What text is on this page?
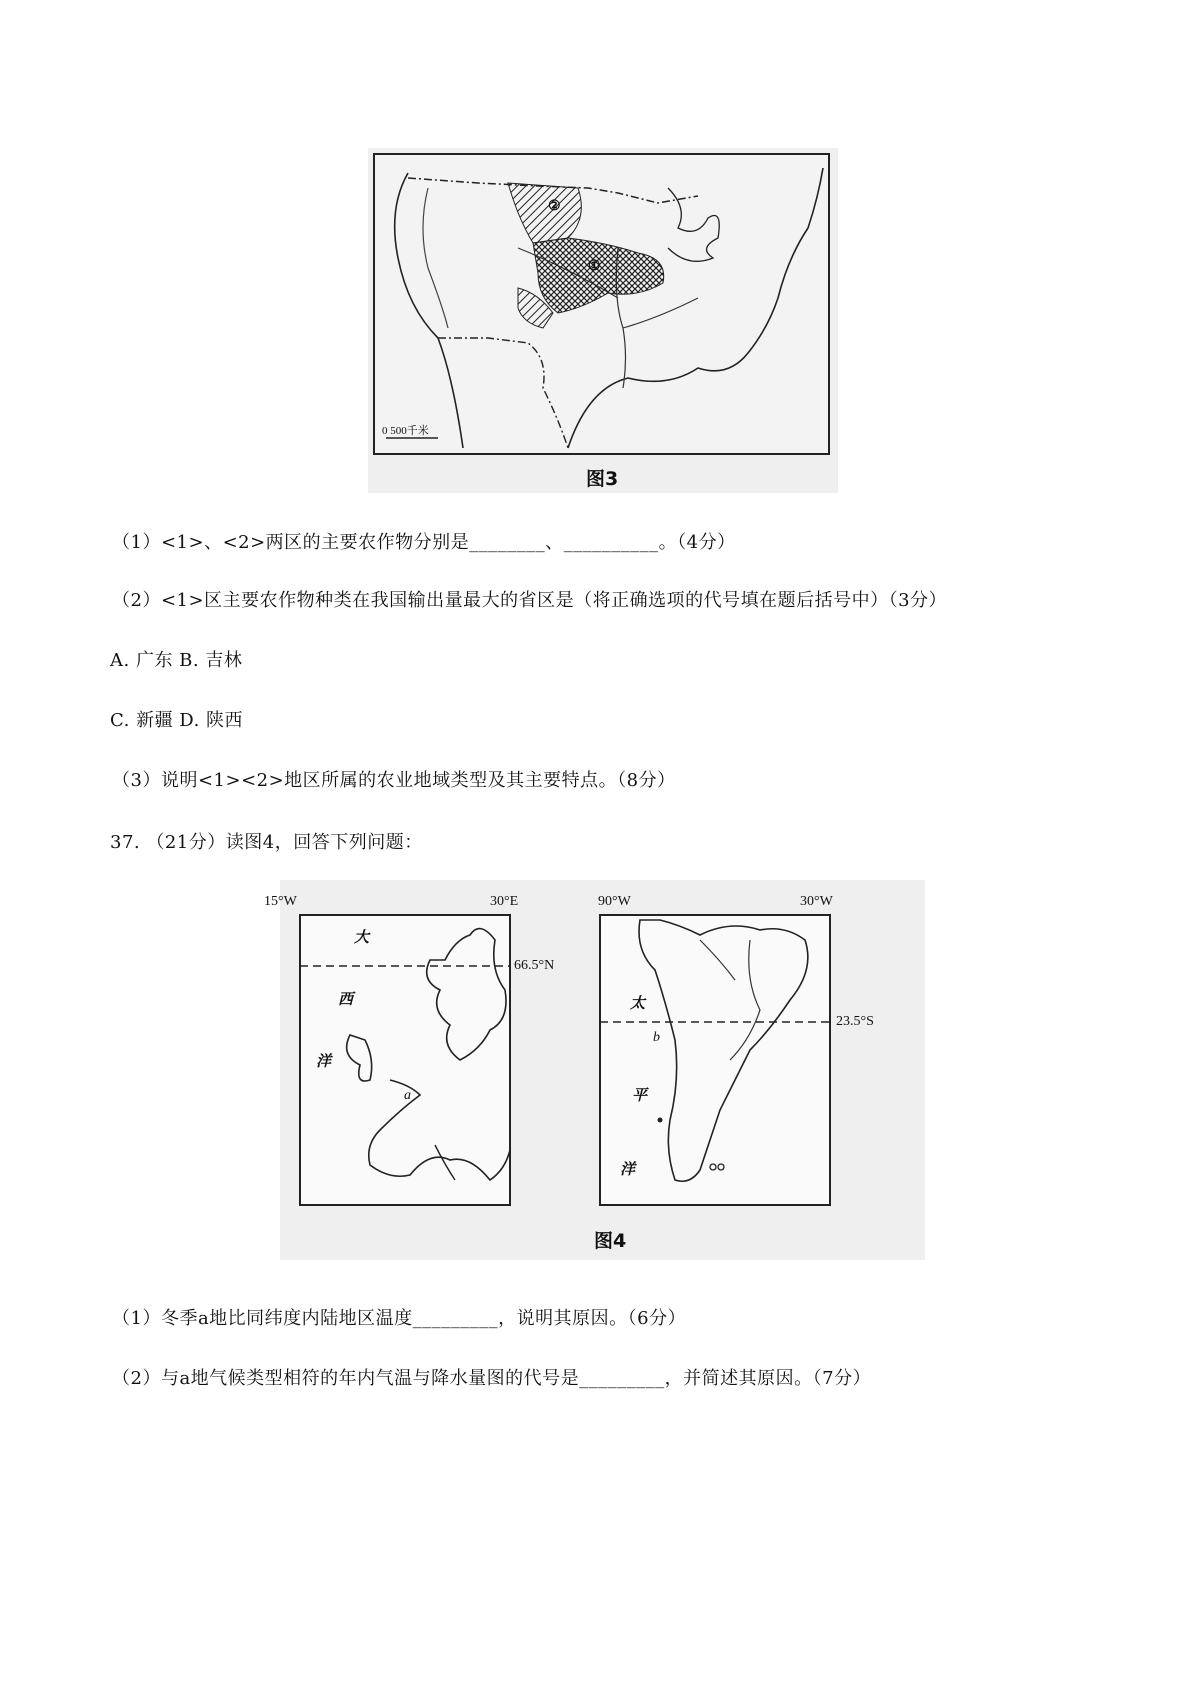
②
①
0 500千米
图3
（1）<1>、<2>两区的主要农作物分别是________、__________。（4分）
（2）<1>区主要农作物种类在我国输出量最大的省区是（将正确选项的代号填在题后括号中）（3分）
A. 广东 B. 吉林
C. 新疆 D. 陕西
（3）说明<1><2>地区所属的农业地域类型及其主要特点。（8分）
37. （21分）读图4，回答下列问题：
15°W	30°E
66.5°N
大
西
洋
a
90°W	30°W
23.5°S
太
平
洋
b
图4
（1）冬季a地比同纬度内陆地区温度_________，说明其原因。（6分）
（2）与a地气候类型相符的年内气温与降水量图的代号是_________，并简述其原因。（7分）
